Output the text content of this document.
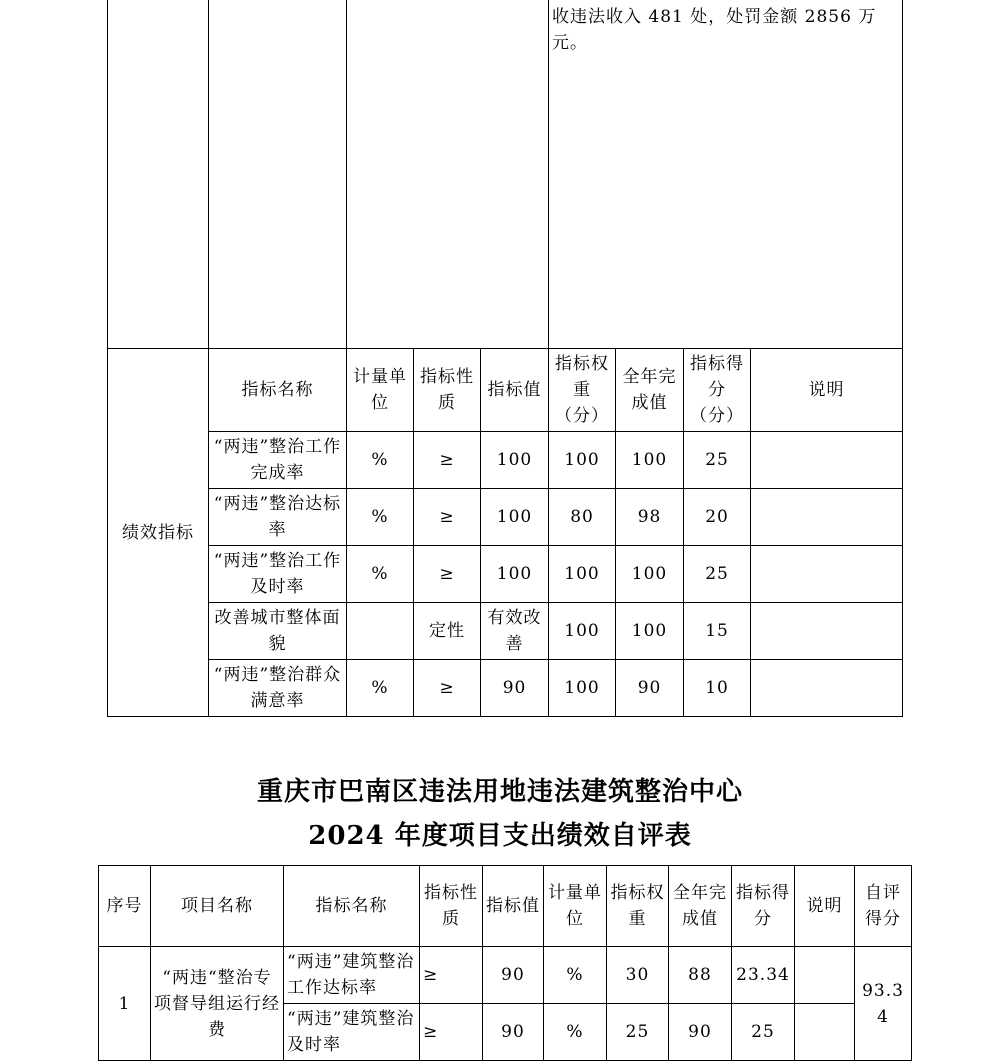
					收违法收入 481 处，处罚金额 2856 万元。			
绩效指标	指标名称	计量单位	指标性质	指标值	指标权重（分）	全年完成值	指标得分（分）	说明
	“两违”整治工作完成率	%	≥	100	100	100	25	
	“两违”整治达标率	%	≥	100	80	98	20	
	“两违”整治工作及时率	%	≥	100	100	100	25	
	改善城市整体面貌		定性	有效改善	100	100	15	
	“两违”整治群众满意率	%	≥	90	100	90	10	
重庆市巴南区违法用地违法建筑整治中心
2024 年度项目支出绩效自评表
序号	项目名称	指标名称	指标性质	指标值	计量单位	指标权重	全年完成值	指标得分	说明	自评得分
1	“两违“整治专项督导组运行经费	“两违”建筑整治工作达标率	≥	90	%	30	88	23.34		93.34
		“两违”建筑整治及时率	≥	90	%	25	90	25		
